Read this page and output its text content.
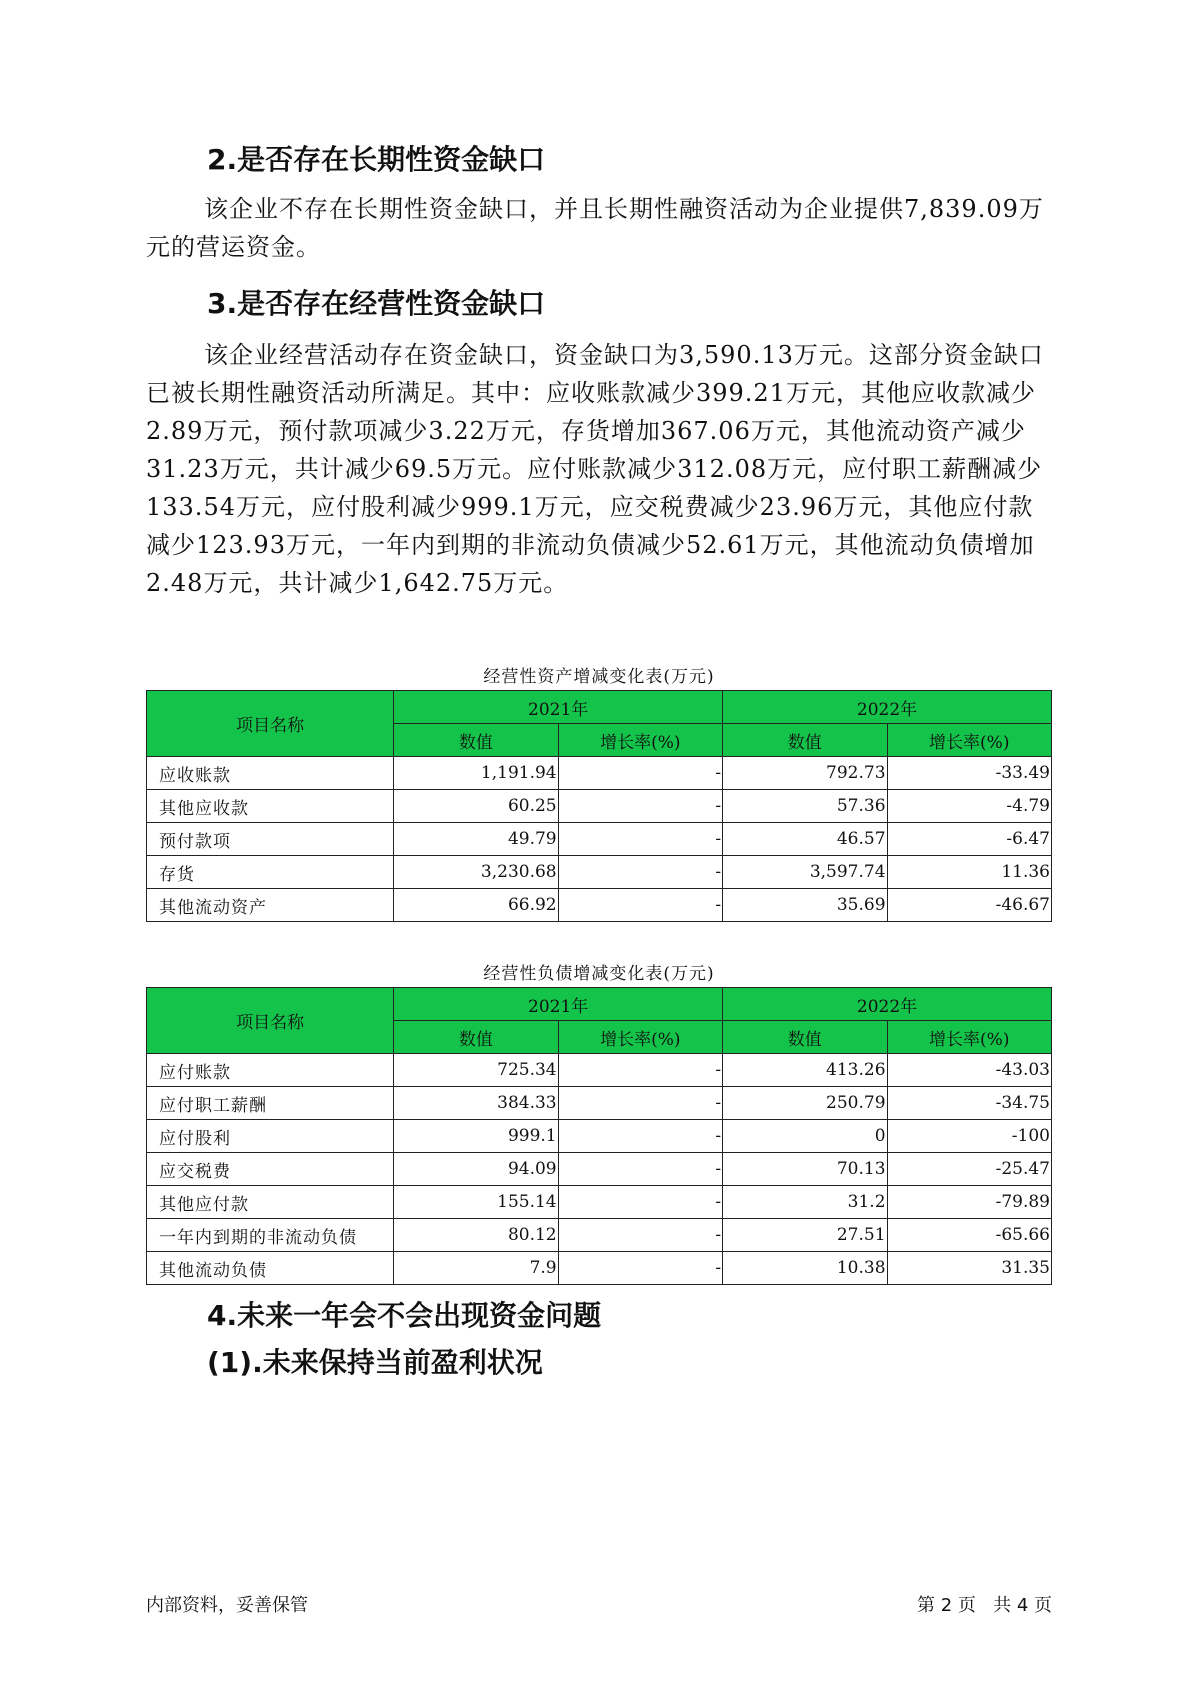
2.是否存在长期性资金缺口

该企业不存在长期性资金缺口，并且长期性融资活动为企业提供7,839.09万元的营运资金。

3.是否存在经营性资金缺口

该企业经营活动存在资金缺口，资金缺口为3,590.13万元。这部分资金缺口已被长期性融资活动所满足。其中：应收账款减少399.21万元，其他应收款减少2.89万元，预付款项减少3.22万元，存货增加367.06万元，其他流动资产减少31.23万元，共计减少69.5万元。应付账款减少312.08万元，应付职工薪酬减少133.54万元，应付股利减少999.1万元，应交税费减少23.96万元，其他应付款减少123.93万元，一年内到期的非流动负债减少52.61万元，其他流动负债增加2.48万元，共计减少1,642.75万元。

经营性资产增减变化表(万元)
项目名称	2021年		2022年	
	数值	增长率(%)	数值	增长率(%)
应收账款	1,191.94	-	792.73	-33.49
其他应收款	60.25	-	57.36	-4.79
预付款项	49.79	-	46.57	-6.47
存货	3,230.68	-	3,597.74	11.36
其他流动资产	66.92	-	35.69	-46.67
经营性负债增减变化表(万元)
项目名称	2021年		2022年	
	数值	增长率(%)	数值	增长率(%)
应付账款	725.34	-	413.26	-43.03
应付职工薪酬	384.33	-	250.79	-34.75
应付股利	999.1	-	0	-100
应交税费	94.09	-	70.13	-25.47
其他应付款	155.14	-	31.2	-79.89
一年内到期的非流动负债	80.12	-	27.51	-65.66
其他流动负债	7.9	-	10.38	31.35
4.未来一年会不会出现资金问题
(1).未来保持当前盈利状况
内部资料，妥善保管	第 2 页   共 4 页
